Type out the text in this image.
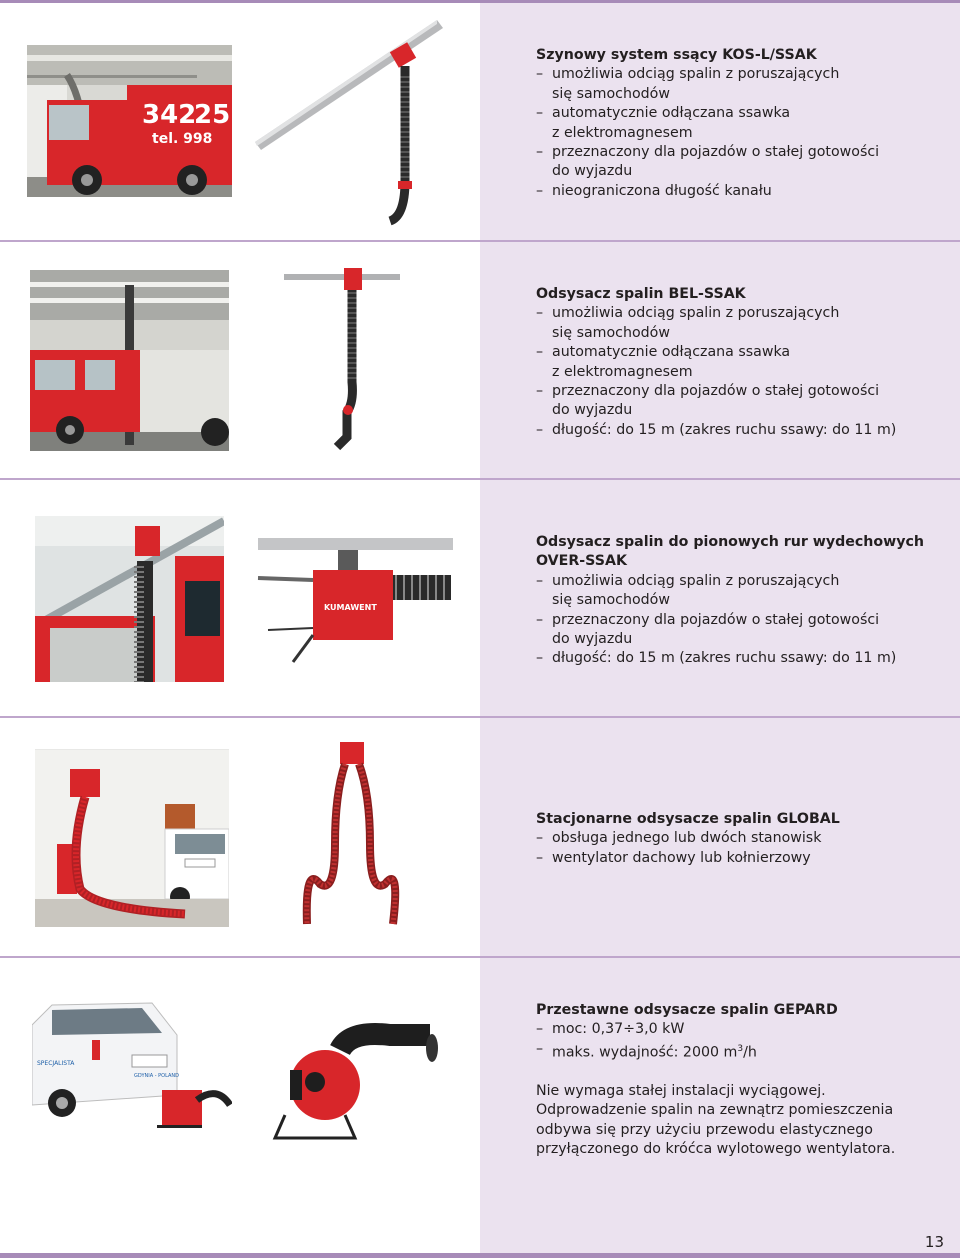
342
25
tel. 998
Szynowy system ssący KOS-L/SSAK
– umożliwia odciąg spalin z poruszających
się samochodów
– automatycznie odłączana ssawka
z elektromagnesem
– przeznaczony dla pojazdów o stałej gotowości
do wyjazdu
– nieograniczona długość kanału
Odsysacz spalin BEL-SSAK
– umożliwia odciąg spalin z poruszających
się samochodów
– automatycznie odłączana ssawka
z elektromagnesem
– przeznaczony dla pojazdów o stałej gotowości
do wyjazdu
– długość: do 15 m (zakres ruchu ssawy: do 11 m)
KUMAWENT
Odsysacz spalin do pionowych rur wydechowych
OVER-SSAK
– umożliwia odciąg spalin z poruszających
się samochodów
– przeznaczony dla pojazdów o stałej gotowości
do wyjazdu
– długość: do 15 m (zakres ruchu ssawy: do 11 m)
Stacjonarne odsysacze spalin GLOBAL
– obsługa jednego lub dwóch stanowisk
– wentylator dachowy lub kołnierzowy
GDYNIA - POLAND
SPECJALISTA
Przestawne odsysacze spalin GEPARD
– moc: 0,37÷3,0 kW
– maks. wydajność: 2000 $m^3/h$

Nie wymaga stałej instalacji wyciągowej.
Odprowadzenie spalin na zewnątrz pomieszczenia
odbywa się przy użyciu przewodu elastycznego
przyłączonego do króćca wylotowego wentylatora.

13
